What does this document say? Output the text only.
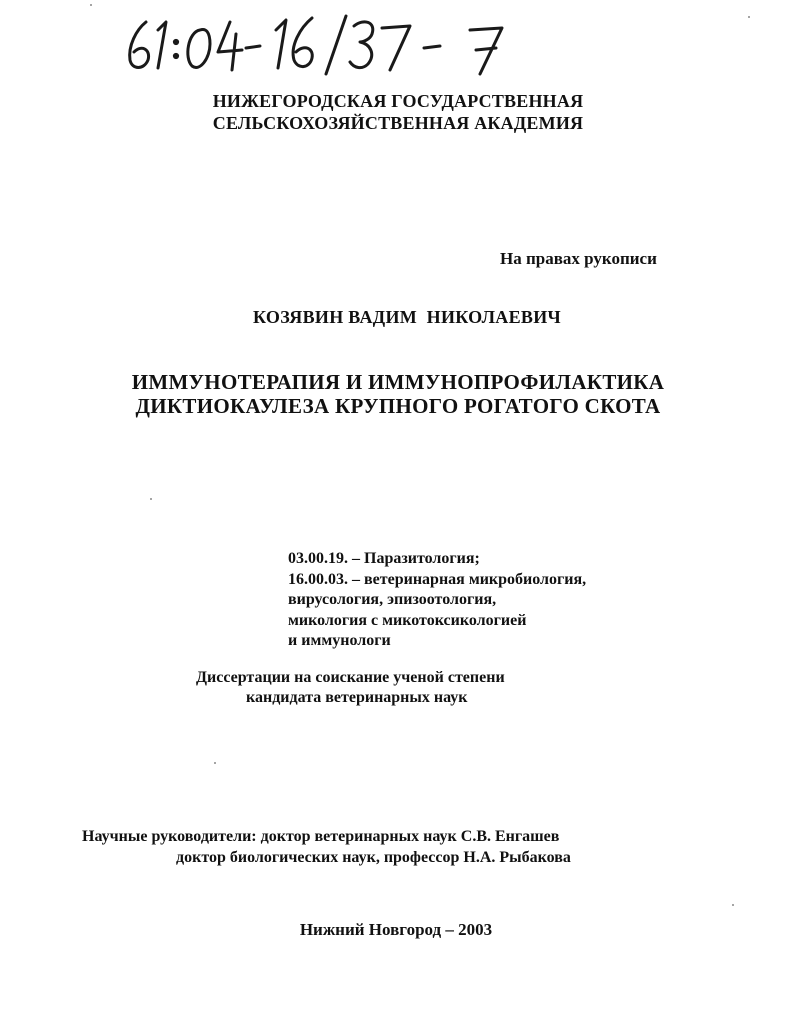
НИЖЕГОРОДСКАЯ ГОСУДАРСТВЕННАЯ
СЕЛЬСКОХОЗЯЙСТВЕННАЯ АКАДЕМИЯ
На правах рукописи
КОЗЯВИН ВАДИМ  НИКОЛАЕВИЧ
ИММУНОТЕРАПИЯ И ИММУНОПРОФИЛАКТИКА
ДИКТИОКАУЛЕЗА КРУПНОГО РОГАТОГО СКОТА
03.00.19. – Паразитология;
16.00.03. – ветеринарная микробиология,
вирусология, эпизоотология,
микология с микотоксикологией
и иммунологи
Диссертации на соискание ученой степени
кандидата ветеринарных наук
Научные руководители: доктор ветеринарных наук С.В. Енгашев
доктор биологических наук, профессор Н.А. Рыбакова
Нижний Новгород – 2003
